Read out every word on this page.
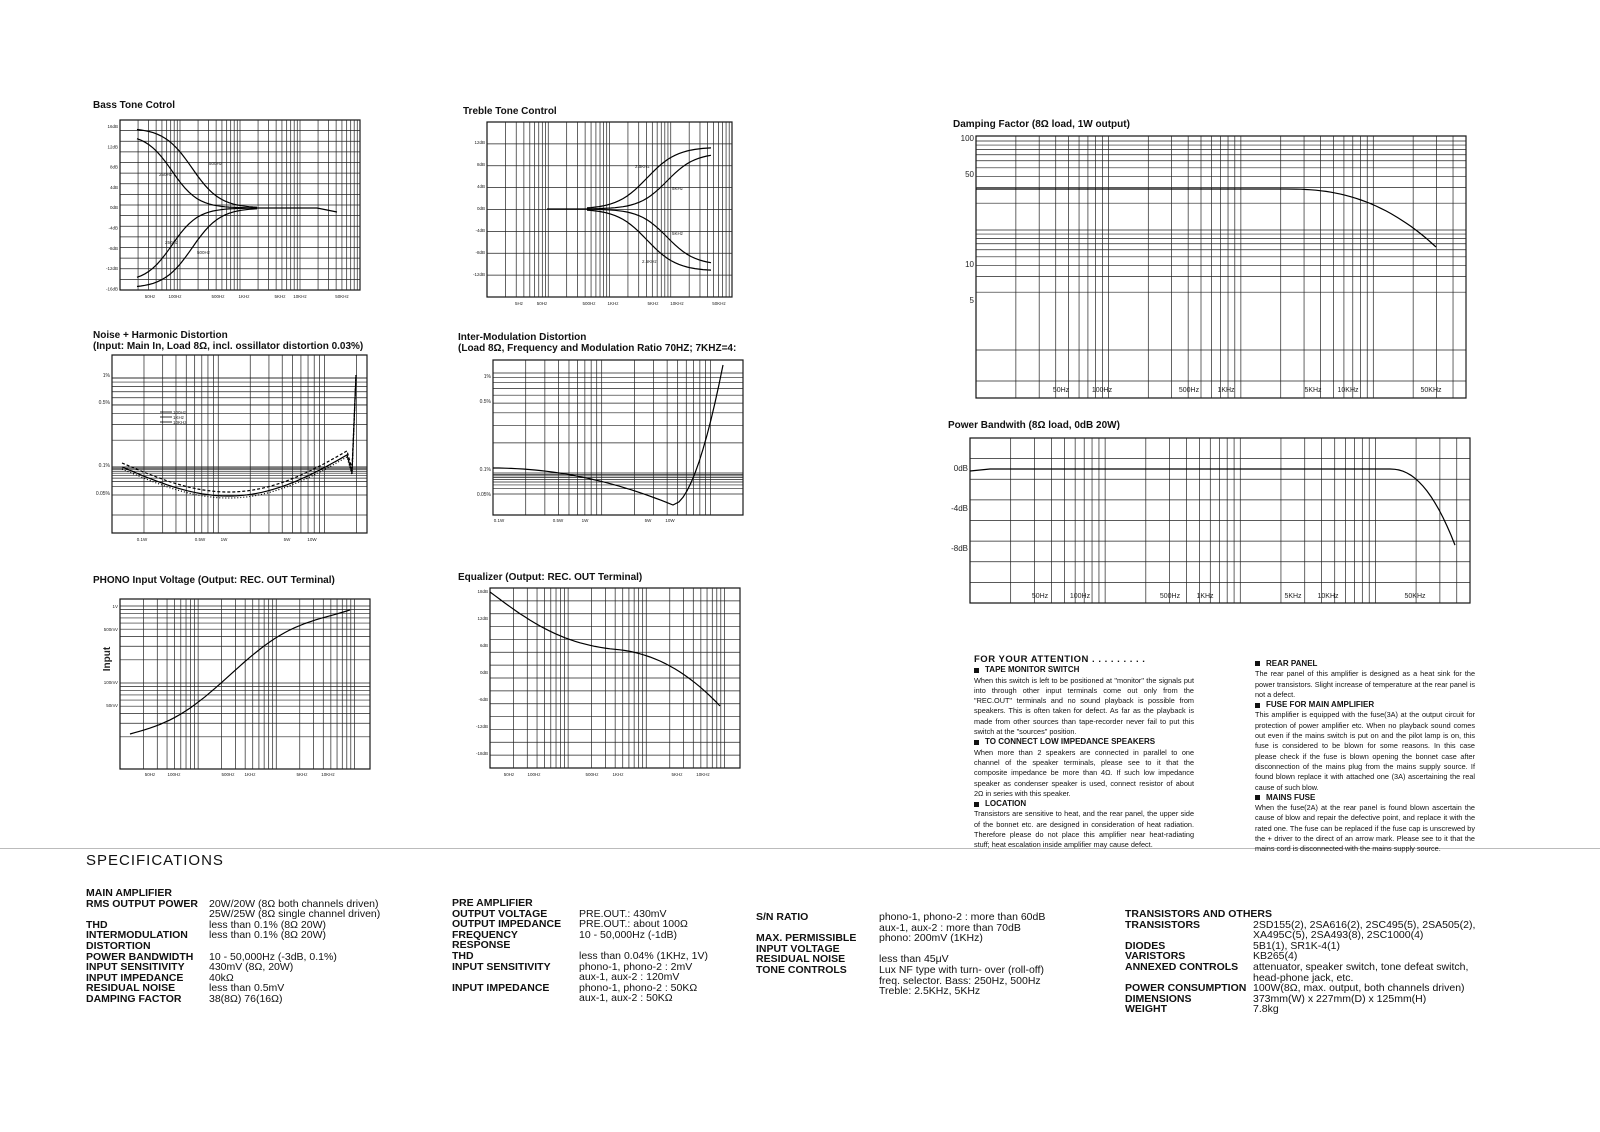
Bass Tone Cotrol
Treble Tone Control
Noise + Harmonic Distortion
(Input: Main In, Load 8Ω, incl. ossillator distortion 0.03%)
Inter-Modulation Distortion
(Load 8Ω, Frequency and Modulation Ratio 70HZ; 7KHZ=4:
PHONO Input Voltage (Output: REC. OUT Terminal)	Equalizer (Output: REC. OUT Terminal)
Damping Factor (8Ω load, 1W output)
Power Bandwith (8Ω load, 0dB 20W)
16dB
12dB
8dB
4dB
0dB
-4dB
-8dB
-12dB
-16dB
50Hz	100Hz	500Hz	1KHz	5KHz 10KHz	50KHz
500Hz
250Hz
250Hz
500Hz
12dB
8dB
4dB
0dB
-4dB
-8dB
-12dB
5Hz	50Hz	500Hz	1KHz	5KHz	10KHz	50KHz
2.5KHz
5KHz
5KHz
2.5KHz
1%
0.5%
0.1%
0.05%
0.1W	0.5W	1W	5W	10W
100Hz
1KHz
10KHz
1%
0.5%
0.1%
0.05%
0.1W	0.5W	1W	5W	10W
1V
500mV
100mV
50mV
50Hz	100Hz	500Hz 1KHz	5KHz	10KHz
Input
18dB
12dB
6dB
0dB
-6dB
-12dB
-18dB
50Hz	100Hz	500Hz	1KHz	5KHz	10KHz
100
50
10
5
50Hz	100Hz	500Hz	1KHz	5KHz 10KHz	50KHz
0dB
-4dB
-8dB
50Hz	100Hz	500Hz 1KHz	5KHz 10KHz	50KHz
FOR YOUR ATTENTION . . . . . . . . .
TAPE MONITOR SWITCH

When this switch is left to be positioned at "monitor" the signals put into through other input terminals come out only from the "REC.OUT" terminals and no sound playback is possible from speakers. This is often taken for defect. As far as the playback is made from other sources than tape-recorder never fail to put this switch at the "sources" position.

TO CONNECT LOW IMPEDANCE SPEAKERS

When more than 2 speakers are connected in parallel to one channel of the speaker terminals, please see to it that the composite impedance be more than 4Ω. If such low impedance speaker as condenser speaker is used, connect resistor of about 2Ω in series with this speaker.

LOCATION

Transistors are sensitive to heat, and the rear panel, the upper side of the bonnet etc. are designed in consideration of heat radiation. Therefore please do not place this amplifier near heat-radiating stuff; heat escalation inside amplifier may cause defect.

REAR PANEL

The rear panel of this amplifier is designed as a heat sink for the power transistors. Slight increase of temperature at the rear panel is not a defect.

FUSE FOR MAIN AMPLIFIER

This amplifier is equipped with the fuse(3A) at the output circuit for protection of power amplifier etc. When no playback sound comes out even if the mains switch is put on and the pilot lamp is on, this fuse is considered to be blown for some reasons. In this case please check if the fuse is blown opening the bonnet case after disconnection of the mains plug from the mains supply source. If found blown replace it with attached one (3A) ascertaining the real cause of such blow.

MAINS FUSE

When the fuse(2A) at the rear panel is found blown ascertain the cause of blow and repair the defective point, and replace it with the rated one. The fuse can be replaced if the fuse cap is unscrewed by the + driver to the direct of an arrow mark. Please see to it that the mains cord is disconnected with the mains supply source.

SPECIFICATIONS
MAIN AMPLIFIER
RMS OUTPUT POWER 20W/20W (8Ω both channels driven)
25W/25W (8Ω single channel driven)
THD	less than 0.1% (8Ω 20W)
INTERMODULATION less than 0.1% (8Ω 20W)
DISTORTION
POWER BANDWIDTH 10 - 50,000Hz (-3dB, 0.1%)
INPUT SENSITIVITY 430mV (8Ω, 20W)
INPUT IMPEDANCE 40kΩ
RESIDUAL NOISE	less than 0.5mV
DAMPING FACTOR	38(8Ω) 76(16Ω)
PRE AMPLIFIER
OUTPUT VOLTAGE	PRE.OUT.: 430mV
OUTPUT IMPEDANCE PRE.OUT.: about 100Ω
FREQUENCY	10 - 50,000Hz (-1dB)
RESPONSE
THD	less than 0.04% (1KHz, 1V)
INPUT SENSITIVITY	phono-1, phono-2 : 2mV
aux-1, aux-2 : 120mV
INPUT IMPEDANCE	phono-1, phono-2 : 50KΩ
aux-1, aux-2 : 50KΩ
S/N RATIO	phono-1, phono-2 : more than 60dB
aux-1, aux-2 : more than 70dB
MAX. PERMISSIBLE phono: 200mV (1KHz)
INPUT VOLTAGE
RESIDUAL NOISE	less than 45μV
TONE CONTROLS	Lux NF type with turn- over (roll-off)
freq. selector. Bass: 250Hz, 500Hz
Treble: 2.5KHz, 5KHz
TRANSISTORS AND OTHERS
TRANSISTORS	2SD155(2), 2SA616(2), 2SC495(5), 2SA505(2),
XA495C(5), 2SA493(8), 2SC1000(4)
DIODES	5B1(1), SR1K-4(1)
VARISTORS	KB265(4)
ANNEXED CONTROLS attenuator, speaker switch, tone defeat switch,
head-phone jack, etc.
POWER CONSUMPTION 100W(8Ω, max. output, both channels driven)
DIMENSIONS	373mm(W) x 227mm(D) x 125mm(H)
WEIGHT	7.8kg
